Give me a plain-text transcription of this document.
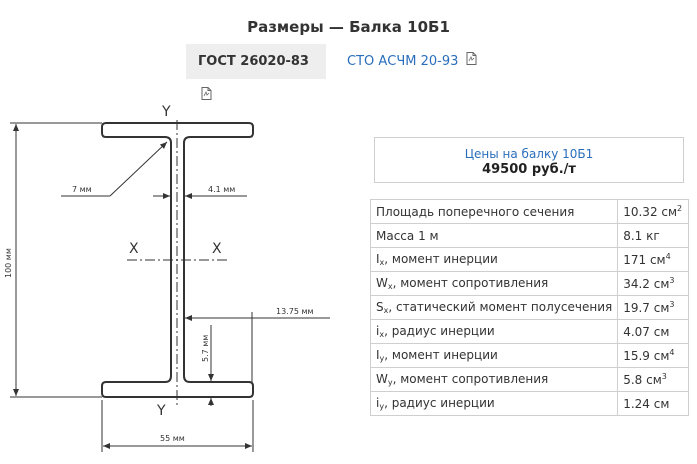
Размеры — Балка 10Б1
ГОСТ 26020-83	СТО АСЧМ 20-93
Y
Y
X	X
7 мм	4.1 мм
100 мм
13.75 мм
5.7 мм
55 мм
Цены на балку 10Б1
49500 руб./т
Площадь поперечного сечения	10.32 $см^2$
Масса 1 м	8.1 кг
$I_x$, момент инерции	171 $см^4$
$W_x$, момент сопротивления	34.2 $см^3$
$S_x$, статический момент полусечения	19.7 $см^3$
$i_x$, радиус инерции	4.07 см
$I_y$, момент инерции	15.9 $см^4$
$W_y$, момент сопротивления	5.8 $см^3$
$i_y$, радиус инерции	1.24 см
